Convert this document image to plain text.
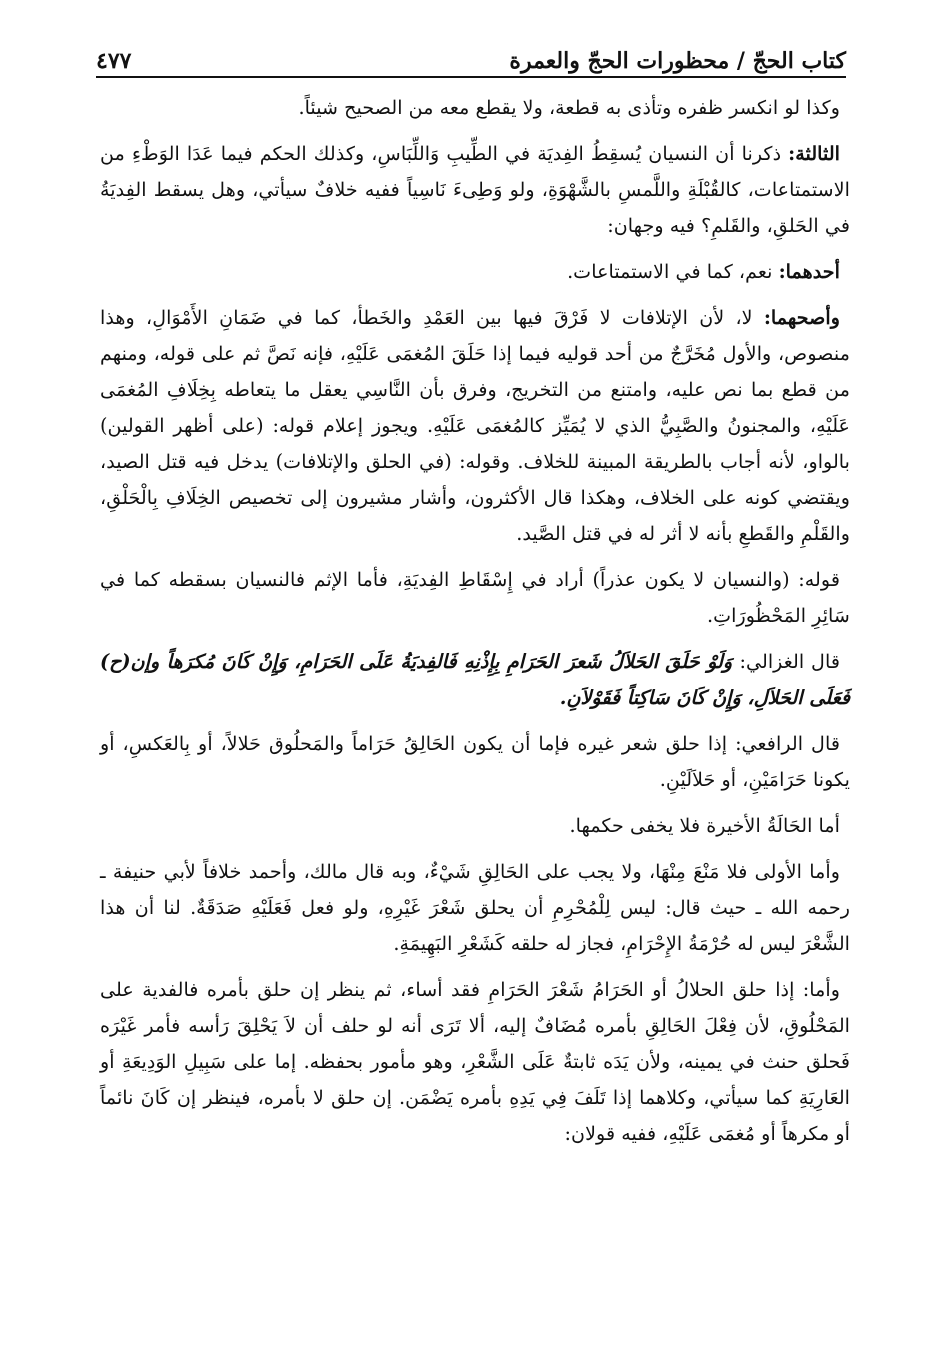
كتاب الحجّ / محظورات الحجّ والعمرة
٤٧٧

وكذا لو انكسر ظفره وتأذى به قطعة، ولا يقطع معه من الصحيح شيئاً.

الثالثة: ذكرنا أن النسيان يُسقِطُ الفِديَة في الطِّيبِ وَاللِّبَاسِ، وكذلك الحكم فيما عَدَا الوَطْءِ من الاستمتاعات، كالقُبْلَةِ واللَّمسِ بالشَّهْوَةِ، ولو وَطِىءَ نَاسِياً ففيه خلافٌ سيأتي، وهل يسقط الفِديَةُ في الحَلقِ، والقَلمِ؟ فيه وجهان:

أحدهما: نعم، كما في الاستمتاعات.

وأصحهما: لا، لأن الإتلافات لا فَرْقَ فيها بين العَمْدِ والخَطأ، كما في ضَمَانِ الأَمْوَالِ، وهذا منصوص، والأول مُخَرَّجٌ من أحد قوليه فيما إذا حَلَقَ المُغمَى عَلَيْهِ، فإنه نَصَّ ثم على قوله، ومنهم من قطع بما نص عليه، وامتنع من التخريج، وفرق بأن النَّاسِي يعقل ما يتعاطه بِخِلَافِ المُغمَى عَلَيْهِ، والمجنونُ والصَّبِيُّ الذي لا يُمَيِّز كالمُغمَى عَلَيْهِ. ويجوز إعلام قوله: (على أظهر القولين) بالواو، لأنه أجاب بالطريقة المبينة للخلاف. وقوله: (في الحلق والإتلافات) يدخل فيه قتل الصيد، ويقتضي كونه على الخلاف، وهكذا قال الأكثرون، وأشار مشيرون إلى تخصيص الخِلَافِ بِالْحَلْقِ، والقَلْمِ والقَطعِ بأنه لا أثر له في قتل الصَّيد.

قوله: (والنسيان لا يكون عذراً) أراد في إِسْقَاطِ الفِديَةِ، فأما الإثم فالنسيان بسقطه كما في سَائِرِ المَحْظُورَاتِ.

قال الغزالي: وَلَوْ حَلَقَ الحَلاَلُ شَعرَ الحَرَامِ بِإِذْنِهِ فَالفِديَةُ عَلَى الحَرَامِ، وَإِنْ كَانَ مُكرَهاً وإن(ح) فَعَلَى الحَلاَلِ، وَإِنْ كَانَ سَاكِتاً فَقَوْلاَنِ.

قال الرافعي: إذا حلق شعر غيره فإما أن يكون الحَالِقُ حَرَاماً والمَحلُوق حَلالاً، أو بِالعَكسِ، أو يكونا حَرَامَيْنِ، أو حَلاَلَيْنِ.

أما الحَالَةُ الأخيرة فلا يخفى حكمها.

وأما الأولى فلا مَنْعَ مِنْهَا، ولا يجب على الحَالِقِ شَيْءٌ، وبه قال مالك، وأحمد خلافاً لأبي حنيفة ـ رحمه الله ـ حيث قال: ليس لِلْمُحْرِمِ أن يحلق شَعْرَ غَيْرِهِ، ولو فعل فَعَلَيْهِ صَدَقَةٌ. لنا أن هذا الشَّعْرَ ليس له حُرْمَةُ الإِحْرَامِ، فجاز له حلقه كَشَعْرِ البَهِيمَةِ.

وأما: إذا حلق الحلالُ أو الحَرَامُ شَعْرَ الحَرَامِ فقد أساء، ثم ينظر إن حلق بأمره فالفدية على المَحْلُوقِ، لأن فِعْلَ الحَالِقِ بأمره مُضَافٌ إليه، ألا تَرَى أنه لو حلف أن لاَ يَحْلِقَ رَأسه فأمر غَيْرَه فَحلق حنث في يمينه، ولأن يَدَه ثابتةٌ عَلَى الشَّعْرِ، وهو مأمور بحفظه. إما على سَبِيلِ الوَدِيعَةِ أو العَارِيَةِ كما سيأتي، وكلاهما إذا تَلَفَ فِي يَدِهِ بأمره يَضْمَن. إن حلق لا بأمره، فينظر إن كَانَ نائماً أو مكرهاً أو مُغمَى عَلَيْهِ، ففيه قولان:
